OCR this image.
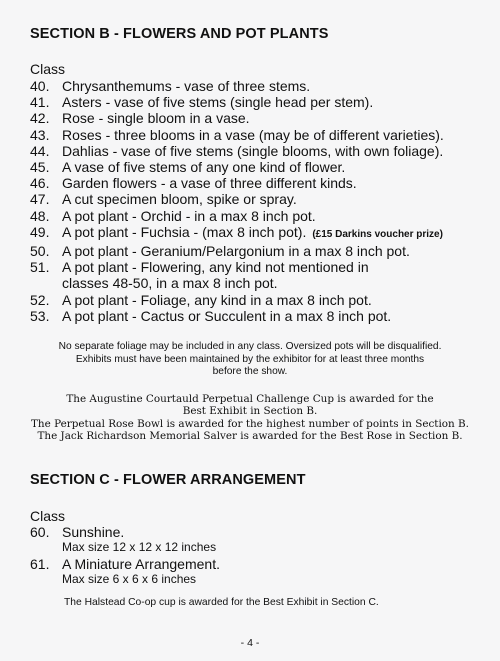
SECTION B - FLOWERS AND POT PLANTS
Class
40. Chrysanthemums - vase of three stems.
41. Asters - vase of five stems (single head per stem).
42. Rose - single bloom in a vase.
43. Roses - three blooms in a vase (may be of different varieties).
44. Dahlias - vase of five stems (single blooms, with own foliage).
45. A vase of five stems of any one kind of flower.
46. Garden flowers - a vase of three different kinds.
47. A cut specimen bloom, spike or spray.
48. A pot plant - Orchid - in a max 8 inch pot.
49. A pot plant - Fuchsia - (max 8 inch pot). (£15 Darkins voucher prize)
50. A pot plant - Geranium/Pelargonium in a max 8 inch pot.
51. A pot plant - Flowering, any kind not mentioned in
classes 48-50, in a max 8 inch pot.
52. A pot plant - Foliage, any kind in a max 8 inch pot.
53. A pot plant - Cactus or Succulent in a max 8 inch pot.
No separate foliage may be included in any class. Oversized pots will be disqualified.
Exhibits must have been maintained by the exhibitor for at least three months
before the show.
The Augustine Courtauld Perpetual Challenge Cup is awarded for the
Best Exhibit in Section B.
The Perpetual Rose Bowl is awarded for the highest number of points in Section B.
The Jack Richardson Memorial Salver is awarded for the Best Rose in Section B.
SECTION C - FLOWER ARRANGEMENT
Class
60. Sunshine.
Max size 12 x 12 x 12 inches
61. A Miniature Arrangement.
Max size 6 x 6 x 6 inches
The Halstead Co-op cup is awarded for the Best Exhibit in Section C.
- 4 -
